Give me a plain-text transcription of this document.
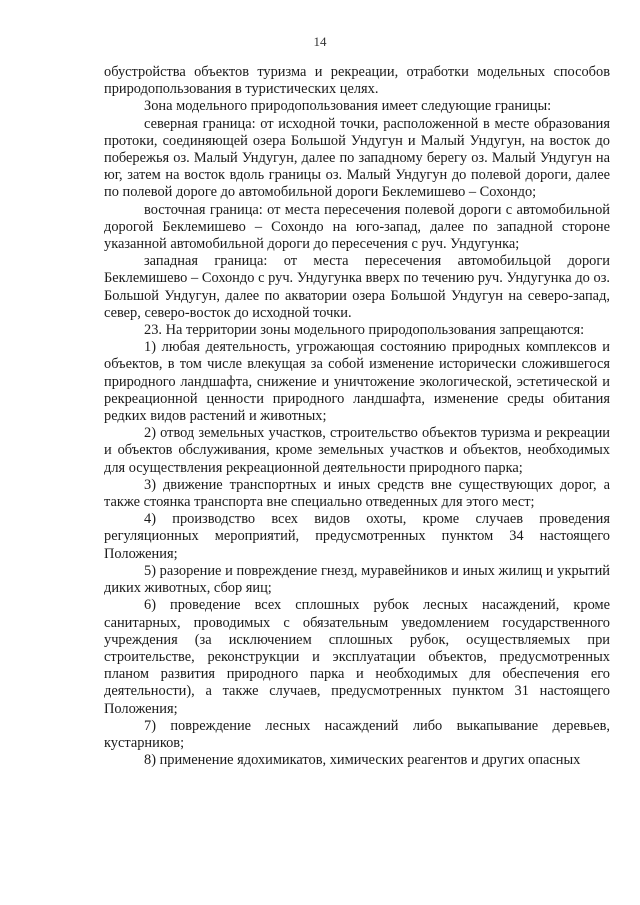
14

обустройства объектов туризма и рекреации, отработки модельных способов природопользования в туристических целях.

Зона модельного природопользования имеет следующие границы:

северная граница: от исходной точки, расположенной в месте образования протоки, соединяющей озера Большой Ундугун и Малый Ундугун, на восток до побережья оз. Малый Ундугун, далее по западному берегу оз. Малый Ундугун на юг, затем на восток вдоль границы оз. Малый Ундугун до полевой дороги, далее по полевой дороге до автомобильной дороги Беклемишево – Сохондо;

восточная граница: от места пересечения полевой дороги с автомобильной дорогой Беклемишево – Сохондо на юго-запад, далее по западной стороне указанной автомобильной дороги до пересечения с руч. Ундугунка;

западная граница: от места пересечения автомобильцой дороги Беклемишево – Сохондо с руч. Ундугунка вверх по течению руч. Ундугунка до оз. Большой Ундугун, далее по акватории озера Большой Ундугун на северо-запад, север, северо-восток до исходной точки.

23. На территории зоны модельного природопользования запрещаются:

1) любая деятельность, угрожающая состоянию природных комплексов и объектов, в том числе влекущая за собой изменение исторически сложившегося природного ландшафта, снижение и уничтожение экологической, эстетической и рекреационной ценности природного ландшафта, изменение среды обитания редких видов растений и животных;

2) отвод земельных участков, строительство объектов туризма и рекреации и объектов обслуживания, кроме земельных участков и объектов, необходимых для осуществления рекреационной деятельности природного парка;

3) движение транспортных и иных средств вне существующих дорог, а также стоянка транспорта вне специально отведенных для этого мест;

4) производство всех видов охоты, кроме случаев проведения регуляционных мероприятий, предусмотренных пунктом 34 настоящего Положения;

5) разорение и повреждение гнезд, муравейников и иных жилищ и укрытий диких животных, сбор яиц;

6) проведение всех сплошных рубок лесных насаждений, кроме санитарных, проводимых с обязательным уведомлением государственного учреждения (за исключением сплошных рубок, осуществляемых при строительстве, реконструкции и эксплуатации объектов, предусмотренных планом развития природного парка и необходимых для обеспечения его деятельности), а также случаев, предусмотренных пунктом 31 настоящего Положения;

7) повреждение лесных насаждений либо выкапывание деревьев, кустарников;

8) применение ядохимикатов, химических реагентов и других опасных
